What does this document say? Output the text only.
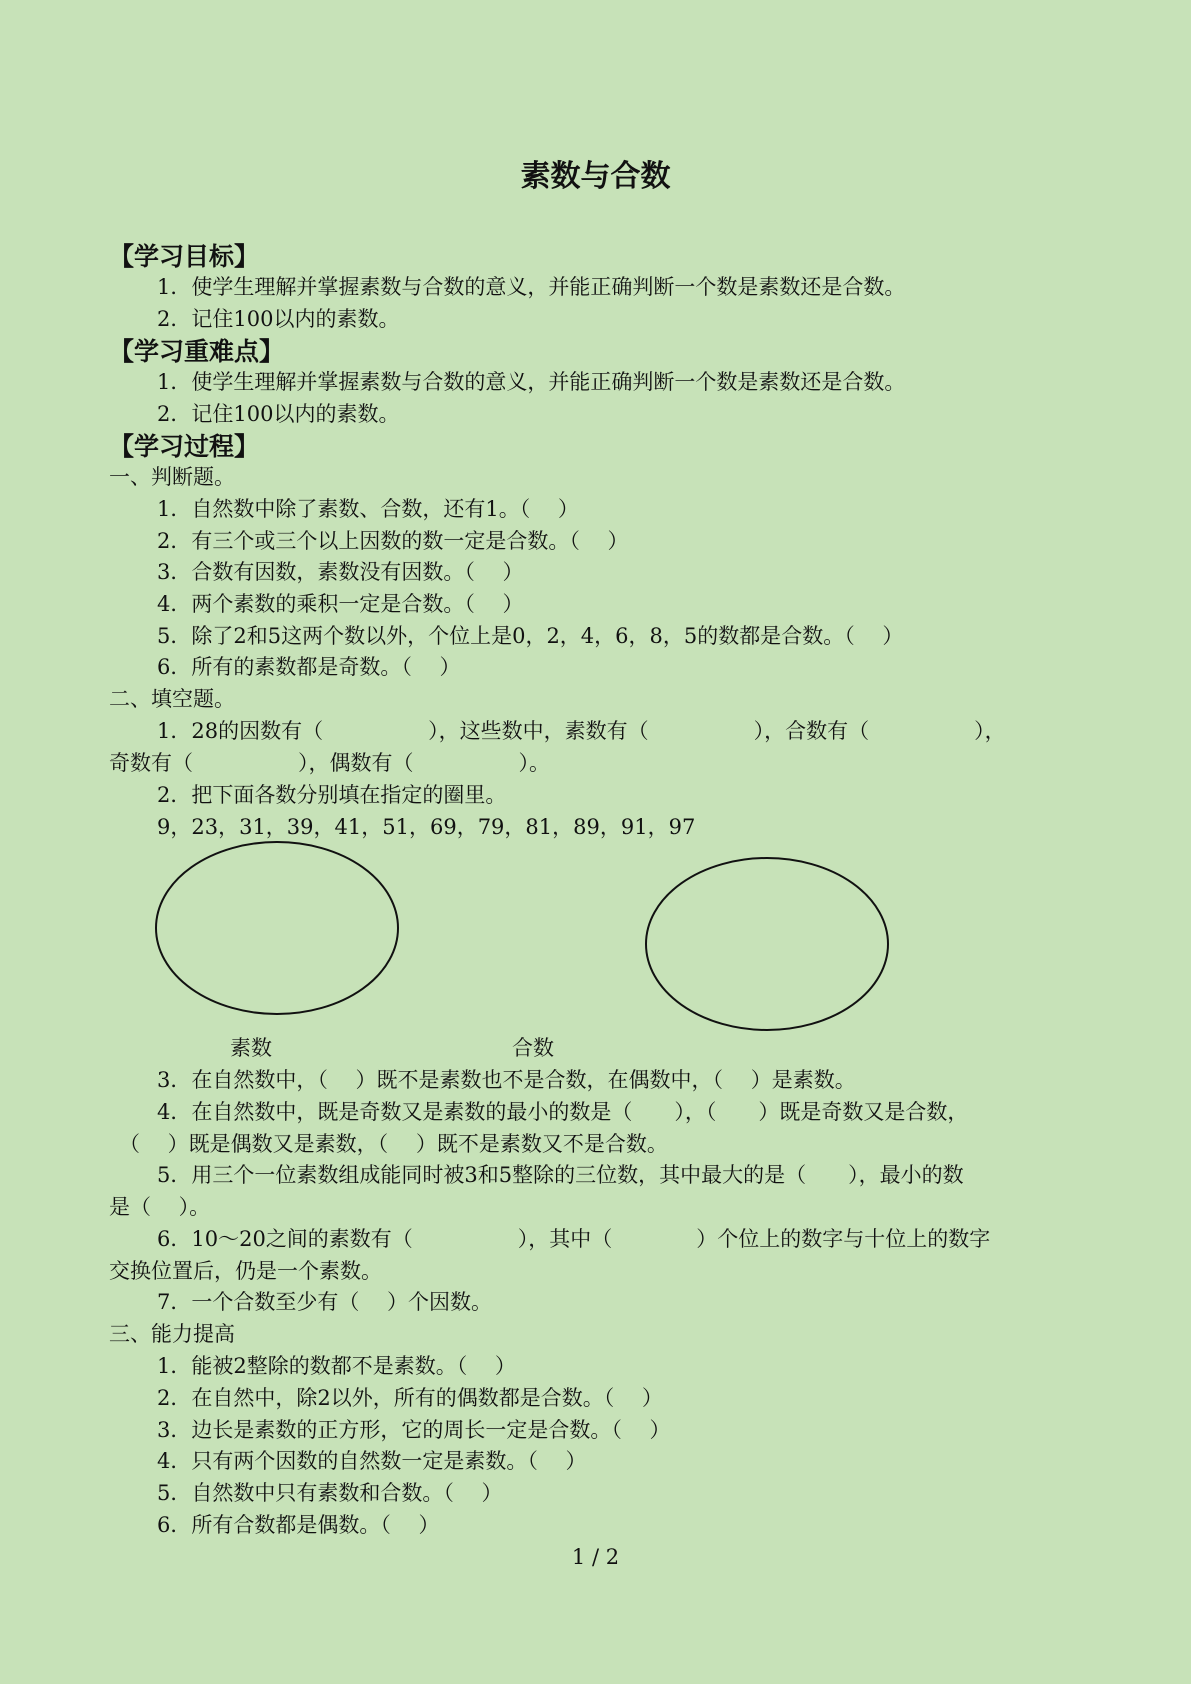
素数与合数
【学习目标】
1．使学生理解并掌握素数与合数的意义，并能正确判断一个数是素数还是合数。
2．记住100以内的素数。
【学习重难点】
1．使学生理解并掌握素数与合数的意义，并能正确判断一个数是素数还是合数。
2．记住100以内的素数。
【学习过程】
一、判断题。
1．自然数中除了素数、合数，还有1。（　 ）
2．有三个或三个以上因数的数一定是合数。（　 ）
3．合数有因数，素数没有因数。（　 ）
4．两个素数的乘积一定是合数。（　 ）
5．除了2和5这两个数以外，个位上是0，2，4，6，8，5的数都是合数。（　 ）
6．所有的素数都是奇数。（　 ）
二、填空题。
1．28的因数有（　　　　　），这些数中，素数有（　　　　　），合数有（　　　　　），
奇数有（　　　　　），偶数有（　　　　　）。
2．把下面各数分别填在指定的圈里。
9，23，31，39，41，51，69，79，81，89，91，97
素数	合数
3．在自然数中，（　 ）既不是素数也不是合数，在偶数中，（　 ）是素数。
4．在自然数中，既是奇数又是素数的最小的数是（　　），（　　）既是奇数又是合数，
（　 ）既是偶数又是素数，（　 ）既不是素数又不是合数。
5．用三个一位素数组成能同时被3和5整除的三位数，其中最大的是（　　），最小的数
是（　 ）。
6．10～20之间的素数有（　　　　　），其中（　　　　）个位上的数字与十位上的数字
交换位置后，仍是一个素数。
7．一个合数至少有（　 ）个因数。
三、能力提高
1．能被2整除的数都不是素数。（　 ）
2．在自然中，除2以外，所有的偶数都是合数。（　 ）
3．边长是素数的正方形，它的周长一定是合数。（　 ）
4．只有两个因数的自然数一定是素数。（　 ）
5．自然数中只有素数和合数。（　 ）
6．所有合数都是偶数。（　 ）
1 / 2
